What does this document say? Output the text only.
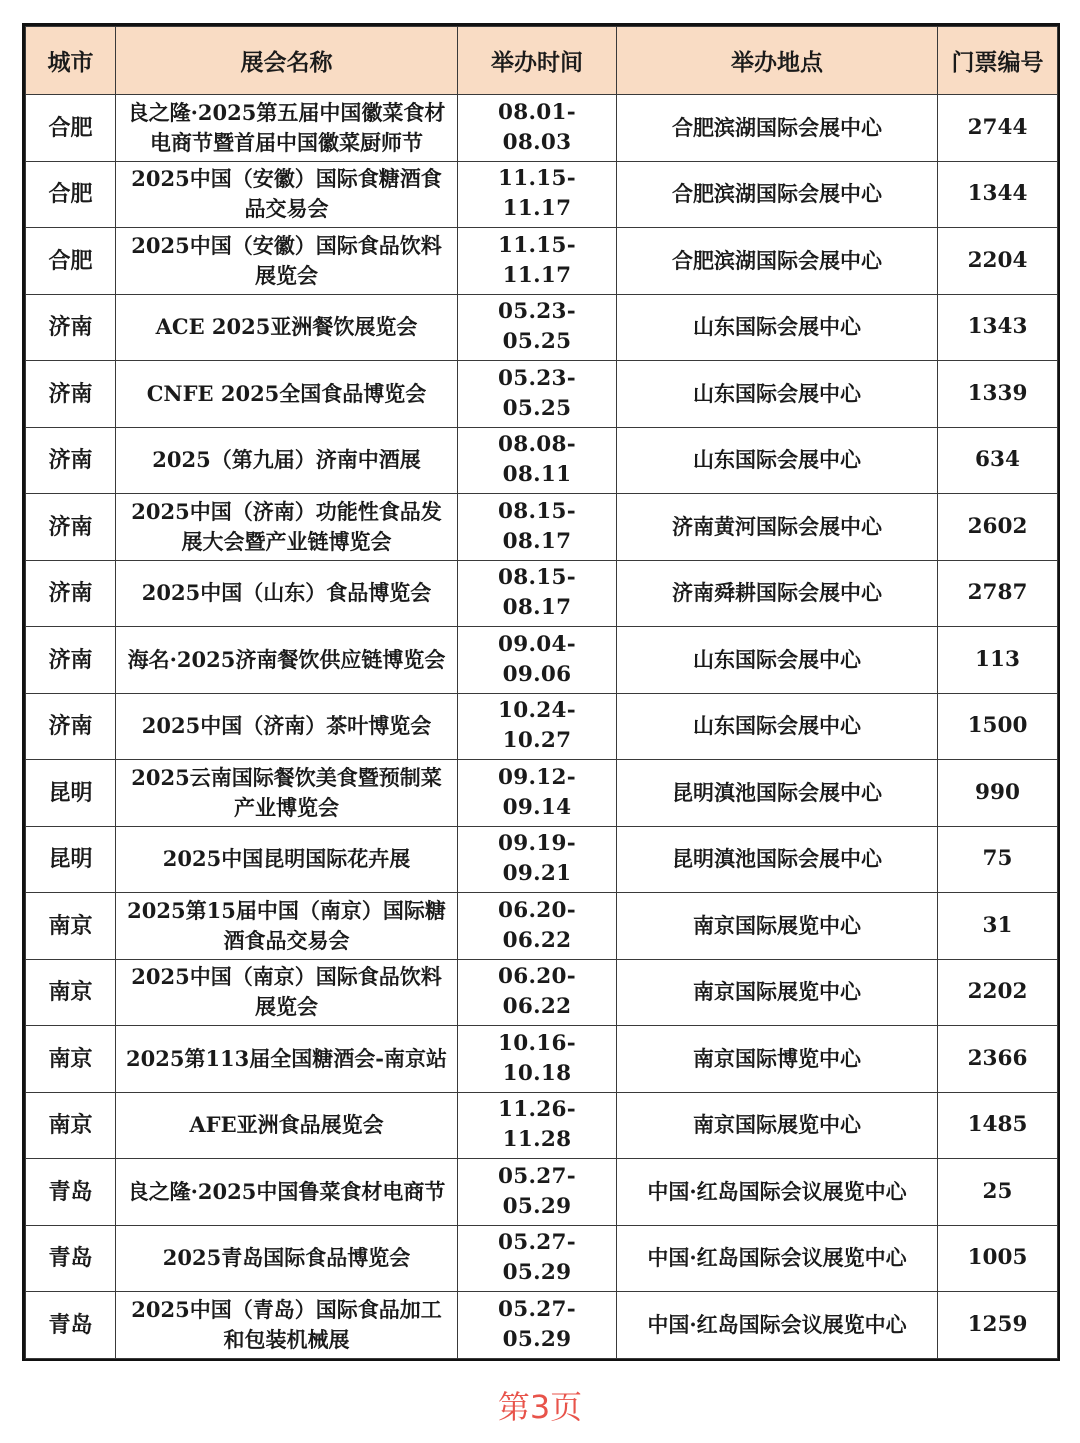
城市	展会名称	举办时间	举办地点	门票编号
合肥	良之隆·2025第五届中国徽菜食材电商节暨首届中国徽菜厨师节	08.01-08.03	合肥滨湖国际会展中心	2744
合肥	2025中国（安徽）国际食糖酒食品交易会	11.15-11.17	合肥滨湖国际会展中心	1344
合肥	2025中国（安徽）国际食品饮料展览会	11.15-11.17	合肥滨湖国际会展中心	2204
济南	ACE 2025亚洲餐饮展览会	05.23-05.25	山东国际会展中心	1343
济南	CNFE 2025全国食品博览会	05.23-05.25	山东国际会展中心	1339
济南	2025（第九届）济南中酒展	08.08-08.11	山东国际会展中心	634
济南	2025中国（济南）功能性食品发展大会暨产业链博览会	08.15-08.17	济南黄河国际会展中心	2602
济南	2025中国（山东）食品博览会	08.15-08.17	济南舜耕国际会展中心	2787
济南	海名·2025济南餐饮供应链博览会	09.04-09.06	山东国际会展中心	113
济南	2025中国（济南）茶叶博览会	10.24-10.27	山东国际会展中心	1500
昆明	2025云南国际餐饮美食暨预制菜产业博览会	09.12-09.14	昆明滇池国际会展中心	990
昆明	2025中国昆明国际花卉展	09.19-09.21	昆明滇池国际会展中心	75
南京	2025第15届中国（南京）国际糖酒食品交易会	06.20-06.22	南京国际展览中心	31
南京	2025中国（南京）国际食品饮料展览会	06.20-06.22	南京国际展览中心	2202
南京	2025第113届全国糖酒会-南京站	10.16-10.18	南京国际博览中心	2366
南京	AFE亚洲食品展览会	11.26-11.28	南京国际展览中心	1485
青岛	良之隆·2025中国鲁菜食材电商节	05.27-05.29	中国·红岛国际会议展览中心	25
青岛	2025青岛国际食品博览会	05.27-05.29	中国·红岛国际会议展览中心	1005
青岛	2025中国（青岛）国际食品加工和包装机械展	05.27-05.29	中国·红岛国际会议展览中心	1259
第3页
